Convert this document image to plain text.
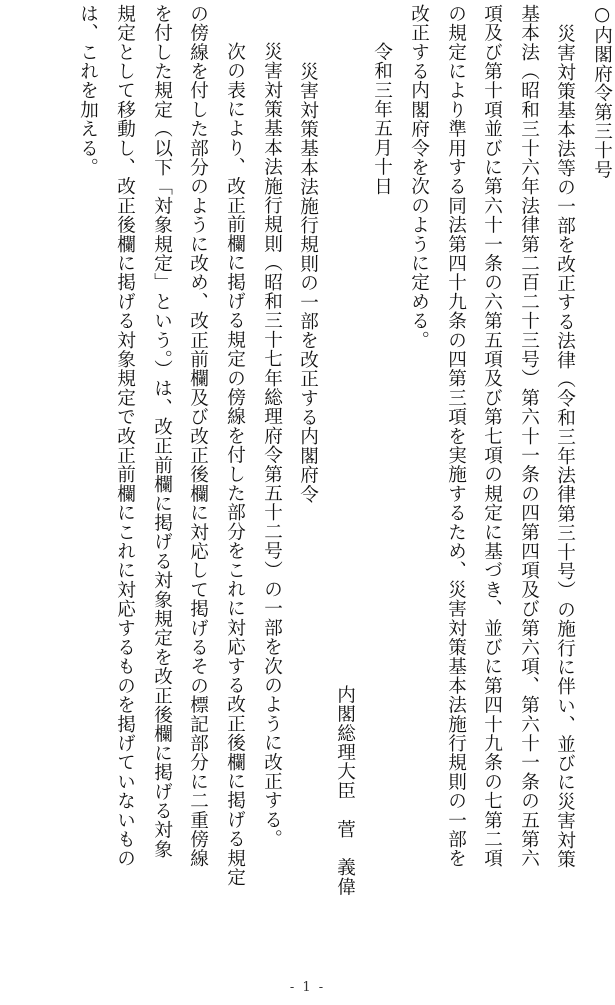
○内閣府令第三十号
災害対策基本法等の一部を改正する法律（令和三年法律第三十号）の施行に伴い、並びに災害対策
基本法（昭和三十六年法律第二百二十三号）第六十一条の四第四項及び第六項、第六十一条の五第六
項及び第十項並びに第六十一条の六第五項及び第七項の規定に基づき、並びに第四十九条の七第二項
の規定により準用する同法第四十九条の四第三項を実施するため、災害対策基本法施行規則の一部を
改正する内閣府令を次のように定める。
令和三年五月十日
内閣総理大臣　菅　義偉
災害対策基本法施行規則の一部を改正する内閣府令
災害対策基本法施行規則（昭和三十七年総理府令第五十二号）の一部を次のように改正する。
次の表により、改正前欄に掲げる規定の傍線を付した部分をこれに対応する改正後欄に掲げる規定
の傍線を付した部分のように改め、改正前欄及び改正後欄に対応して掲げるその標記部分に二重傍線
を付した規定（以下「対象規定」という。）は、改正前欄に掲げる対象規定を改正後欄に掲げる対象
規定として移動し、改正後欄に掲げる対象規定で改正前欄にこれに対応するものを掲げていないもの
は、これを加える。
- 1 -
